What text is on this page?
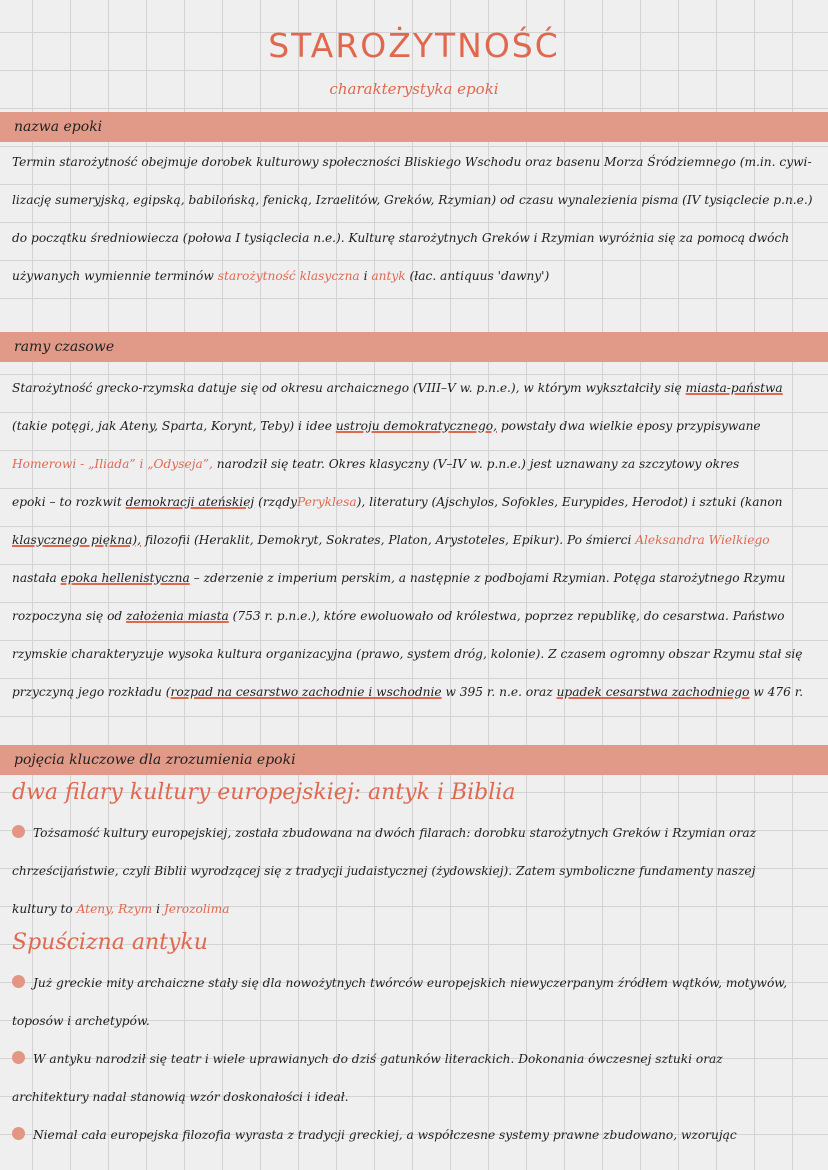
STAROŻYTNOŚĆ
charakterystyka epoki
nazwa epoki

Termin starożytność obejmuje dorobek kulturowy społeczności Bliskiego Wschodu oraz basenu Morza Śródziemnego (m.in. cywi-

lizację sumeryjską, egipską, babilońską, fenicką, Izraelitów, Greków, Rzymian) od czasu wynalezienia pisma (IV tysiąclecie p.n.e.)

do początku średniowiecza (połowa I tysiąclecia n.e.). Kulturę starożytnych Greków i Rzymian wyróżnia się za pomocą dwóch

używanych wymiennie terminów starożytność klasyczna i antyk (łac. antiquus 'dawny')

ramy czasowe

Starożytność grecko-rzymska datuje się od okresu archaicznego (VIII–V w. p.n.e.), w którym wykształciły się miasta-państwa

(takie potęgi, jak Ateny, Sparta, Korynt, Teby) i idee ustroju demokratycznego, powstały dwa wielkie eposy przypisywane

Homerowi - „Iliada” i „Odyseja”, narodził się teatr. Okres klasyczny (V–IV w. p.n.e.) jest uznawany za szczytowy okres

epoki – to rozkwit demokracji ateńskiej (rządyPeryklesa), literatury (Ajschylos, Sofokles, Eurypides, Herodot) i sztuki (kanon

klasycznego piękna), filozofii (Heraklit, Demokryt, Sokrates, Platon, Arystoteles, Epikur). Po śmierci Aleksandra Wielkiego

nastała epoka hellenistyczna – zderzenie z imperium perskim, a następnie z podbojami Rzymian. Potęga starożytnego Rzymu

rozpoczyna się od założenia miasta (753 r. p.n.e.), które ewoluowało od królestwa, poprzez republikę, do cesarstwa. Państwo

rzymskie charakteryzuje wysoka kultura organizacyjna (prawo, system dróg, kolonie). Z czasem ogromny obszar Rzymu stał się

przyczyną jego rozkładu (rozpad na cesarstwo zachodnie i wschodnie w 395 r. n.e. oraz upadek cesarstwa zachodniego w 476 r.

pojęcia kluczowe dla zrozumienia epoki
dwa filary kultury europejskiej: antyk i Biblia

Tożsamość kultury europejskiej, została zbudowana na dwóch filarach: dorobku starożytnych Greków i Rzymian oraz

chrześcijaństwie, czyli Biblii wyrodzącej się z tradycji judaistycznej (żydowskiej). Zatem symboliczne fundamenty naszej

kultury to Ateny, Rzym i Jerozolima

Spuścizna antyku

Już greckie mity archaiczne stały się dla nowożytnych twórców europejskich niewyczerpanym źródłem wątków, motywów,

toposów i archetypów.

W antyku narodził się teatr i wiele uprawianych do dziś gatunków literackich. Dokonania ówczesnej sztuki oraz

architektury nadal stanowią wzór doskonałości i ideał.

Niemal cała europejska filozofia wyrasta z tradycji greckiej, a współczesne systemy prawne zbudowano, wzorując
